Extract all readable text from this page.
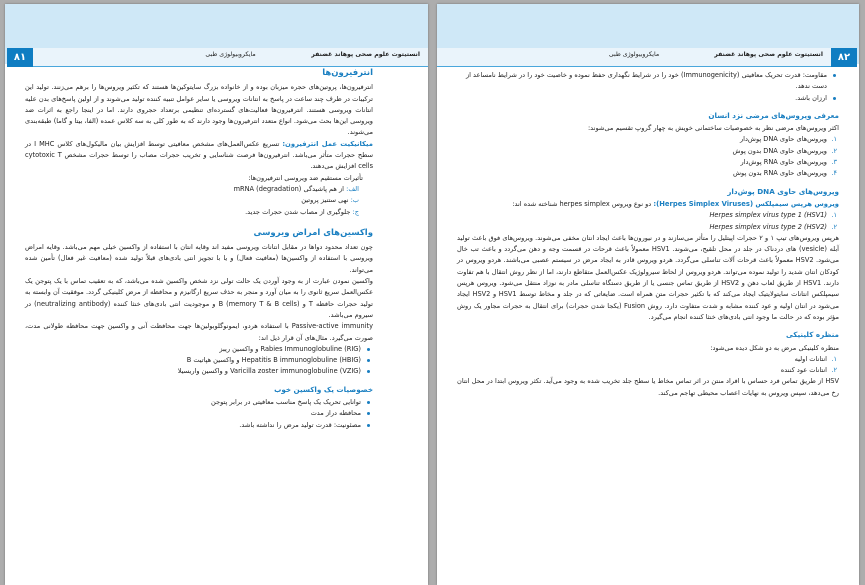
۸۱	انستیتوت علوم صحی پوهاند غضنفر
مایکروبیولوژی طبی
انترفیرون‌ها

انترفیرون‌ها، پروتین‌های حجره میزبان بوده و از خانواده بزرگ سایتوکین‌ها هستند که تکثیر ویروس‌ها را برهم می‌زنند. تولید این ترکیبات در ظرف چند ساعت در پاسخ به انتانات ویروسی یا سایر عوامل تنبیه کننده تولید می‌شوند و از اولین پاسخ‌های بدن علیه انتانات ویروسی هستند. انترفیرون‌ها فعالیت‌های گسترده‌ای تنظیمی برتعداد حجروی دارند. اما در اینجا راجع به اثرات ضد ویروسی این‌ها بحث می‌شود. انواع متعدد انترفیرون‌ها وجود دارند که به طور کلی به سه کلاس عمده (الفا، بیتا و گاما) طبقه‌بندی می‌شوند.

میکانیکیت عمل انترفیرون: تسریع عکس‌العمل‌های مشخص معافیتی توسط افزایش بیان مالیکول‌های کلاس I MHC در سطح حجرات متأثر می‌باشد. انترفیرون‌ها فرصت شناسایی و تخریب حجرات مصاب را توسط حجرات مشخص cytotoxic T cells افزایش می‌دهند.

تأثیرات مستقیم ضد ویروسی انترفیرون‌ها:

الف: از هم پاشیدگی (degradation) mRNA
ب: نهی ستنیز پروتین
ج: جلوگیری از مصاب شدن حجرات جدید.
واکسین‌های امراض ویروسی

چون تعداد محدود دواها در مقابل انتانات ویروسی مفید اند وقایه انتان با استفاده از واکسین خیلی مهم می‌باشد. وقایه امراض ویروسی با استفاده از واکسین‌ها (معافیت فعال) و یا با تجویز انتی بادی‌های قبلاً تولید شده (معافیت غیر فعال) تأمین شده می‌تواند.

واکسین نمودن عبارت از به وجود آوردن یک حالت تولی نزد شخص واکسین شده می‌باشد، که به تعقیب تماس با یک پتوجن یک عکس‌العمل سریع ثانوی را به میان آورد و منجر به حذف سریع ارگانیزم و محافظه از مرض کلینیکی گردد. موفقیت آن وابسته به تولید حجرات حافظه T و B (memory T & B cells) و موجودیت انتی بادی‌های خنثا کننده (neutralizing antibody) در سیروم می‌باشد.

Passive-active immunity با استفاده هردو، ایمونوگلوبولین‌ها جهت محافظت آنی و واکسین جهت محافظه طولانی مدت، صورت می‌گیرد. مثال‌های آن قرار ذیل اند:

Rabies Immunoglobuline (RIG) و واکسین ریبز
Hepatitis B immunoglobuline (HBIG) و واکسین هپاتیت B
Varicilla zoster immunoglobuline (VZIG) و واکسین واریسیلا
خصوصیات یک واکسین خوب
توانایی تحریک یک پاسخ مناسب معافیتی در برابر پتوجن
محافظه دراز مدت
مصئونیت: قدرت تولید مرض را نداشته باشد.
۸۲
انستیتوت علوم صحی پوهاند غضنفر
مایکروبیولوژی طبی
مقاومت: قدرت تحریک معافیتی (Immunogenicity) خود را در شرایط نگهداری حفظ نموده و خاصیت خود را در شرایط نامساعد از دست ندهد.
ارزان باشد.
معرفی ویروس‌های مرضی نزد انسان

اکثر ویروس‌های مرضی نظر به خصوصیات ساختمانی خویش به چهار گروپ تقسیم می‌شوند:

۱.
ویروس‌های حاوی DNA پوش‌دار
۲.
ویروس‌های حاوی DNA بدون پوش
۳.
ویروس‌های حاوی RNA پوش‌دار
۴.
ویروس‌های حاوی RNA بدون پوش
ویروس‌های حاوی DNA پوش‌دار

ویروس هرپس سیمپلکس (Herpes Simplex Viruses): دو نوع ویروس herpes simplex شناخته شده اند:

۱.
Herpes simplex virus type 1 (HSV1)
۲.
Herpes simplex virus type 2 (HSV2)

هرپس ویروس‌های تیپ ۱ و ۲ حجرات اپیتلیل را متأثر می‌سازند و در نیورون‌ها باعث ایجاد انتان مخفی می‌شوند. ویروس‌های فوق باعث تولید آبله (vesicle) های دردناک در جلد در محل تلقیح، می‌شوند. HSV1 معمولاً باعث قرحات در قسمت وجه و دهن می‌گردد و باعث تب خال می‌شود. HSV2 معمولاً باعث قرحات آلات تناسلی می‌گردد. هردو ویروس قادر به ایجاد مرض در سیستم عصبی می‌باشند. هردو ویروس در کودکان انتان شدید را تولید نموده می‌تواند. هردو ویروس از لحاظ سیرولوژیک عکس‌العمل متقاطع دارند، اما از نظر روش انتقال با هم تفاوت دارند. HSV1 از طریق لعاب دهن و HSV2 از طریق تماس جنسی یا از طریق دستگاه تناسلی مادر به نوزاد منتقل می‌شود. ویروس هرپس سیمپلکس انتانات سایتولایتیک ایجاد می‌کند که با تکثیر حجرات متن همراه است. ضایعاتی که در جلد و مخاط توسط HSV1 و HSV2 ایجاد می‌شود در انتان اولیه و عود کننده مشابه و شدت متفاوت دارد. روش Fusion (یکجا شدن حجرات) برای انتقال به حجرات مجاور یک روش مؤثر بوده که در حالت ما وجود انتی بادی‌های خنثا کننده انجام می‌گیرد.

منظره کلینیکی

منظره کلینیکی مرض به دو شکل دیده می‌شود:

۱.
انتانات اولیه
۲.
انتانات عود کننده

HSV از طریق تماس فرد حساس با افراد منتن در اثر تماس مخاط یا سطح جلد تخریب شده به وجود می‌آید. تکثر ویروس ابتدا در محل انتان رخ می‌دهد، سپس ویروس به نهایات اعصاب محیطی تهاجم می‌کند.
